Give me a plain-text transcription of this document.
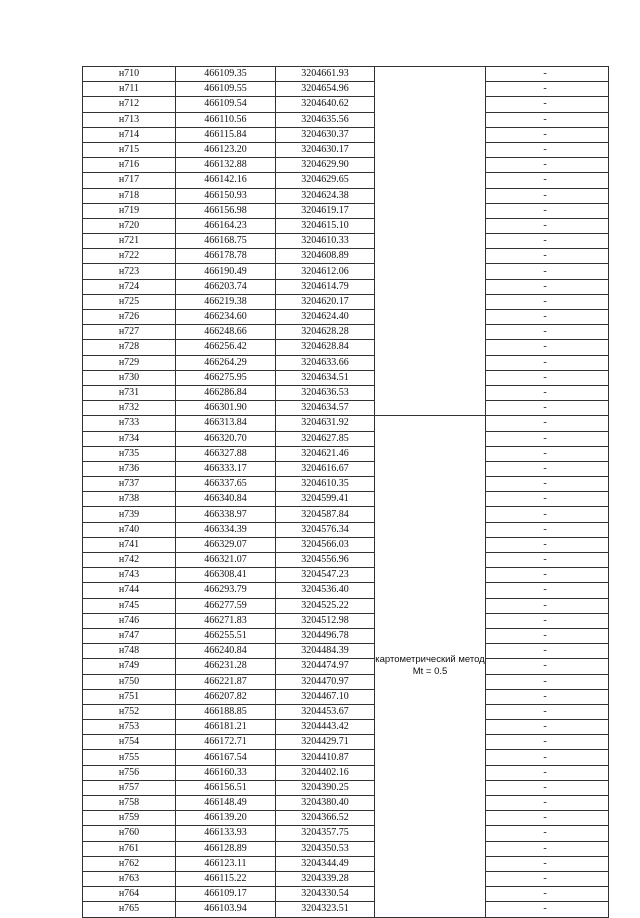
н710	466109.35	3204661.93		-
н711	466109.55	3204654.96		-
н712	466109.54	3204640.62		-
н713	466110.56	3204635.56		-
н714	466115.84	3204630.37		-
н715	466123.20	3204630.17		-
н716	466132.88	3204629.90		-
н717	466142.16	3204629.65		-
н718	466150.93	3204624.38		-
н719	466156.98	3204619.17		-
н720	466164.23	3204615.10		-
н721	466168.75	3204610.33		-
н722	466178.78	3204608.89		-
н723	466190.49	3204612.06		-
н724	466203.74	3204614.79		-
н725	466219.38	3204620.17		-
н726	466234.60	3204624.40		-
н727	466248.66	3204628.28		-
н728	466256.42	3204628.84		-
н729	466264.29	3204633.66		-
н730	466275.95	3204634.51		-
н731	466286.84	3204636.53		-
н732	466301.90	3204634.57		-
н733	466313.84	3204631.92	картометрический метод Mt = 0.5	-
н734	466320.70	3204627.85		-
н735	466327.88	3204621.46		-
н736	466333.17	3204616.67		-
н737	466337.65	3204610.35		-
н738	466340.84	3204599.41		-
н739	466338.97	3204587.84		-
н740	466334.39	3204576.34		-
н741	466329.07	3204566.03		-
н742	466321.07	3204556.96		-
н743	466308.41	3204547.23		-
н744	466293.79	3204536.40		-
н745	466277.59	3204525.22		-
н746	466271.83	3204512.98		-
н747	466255.51	3204496.78		-
н748	466240.84	3204484.39		-
н749	466231.28	3204474.97		-
н750	466221.87	3204470.97		-
н751	466207.82	3204467.10		-
н752	466188.85	3204453.67		-
н753	466181.21	3204443.42		-
н754	466172.71	3204429.71		-
н755	466167.54	3204410.87		-
н756	466160.33	3204402.16		-
н757	466156.51	3204390.25		-
н758	466148.49	3204380.40		-
н759	466139.20	3204366.52		-
н760	466133.93	3204357.75		-
н761	466128.89	3204350.53		-
н762	466123.11	3204344.49		-
н763	466115.22	3204339.28		-
н764	466109.17	3204330.54		-
н765	466103.94	3204323.51		-
